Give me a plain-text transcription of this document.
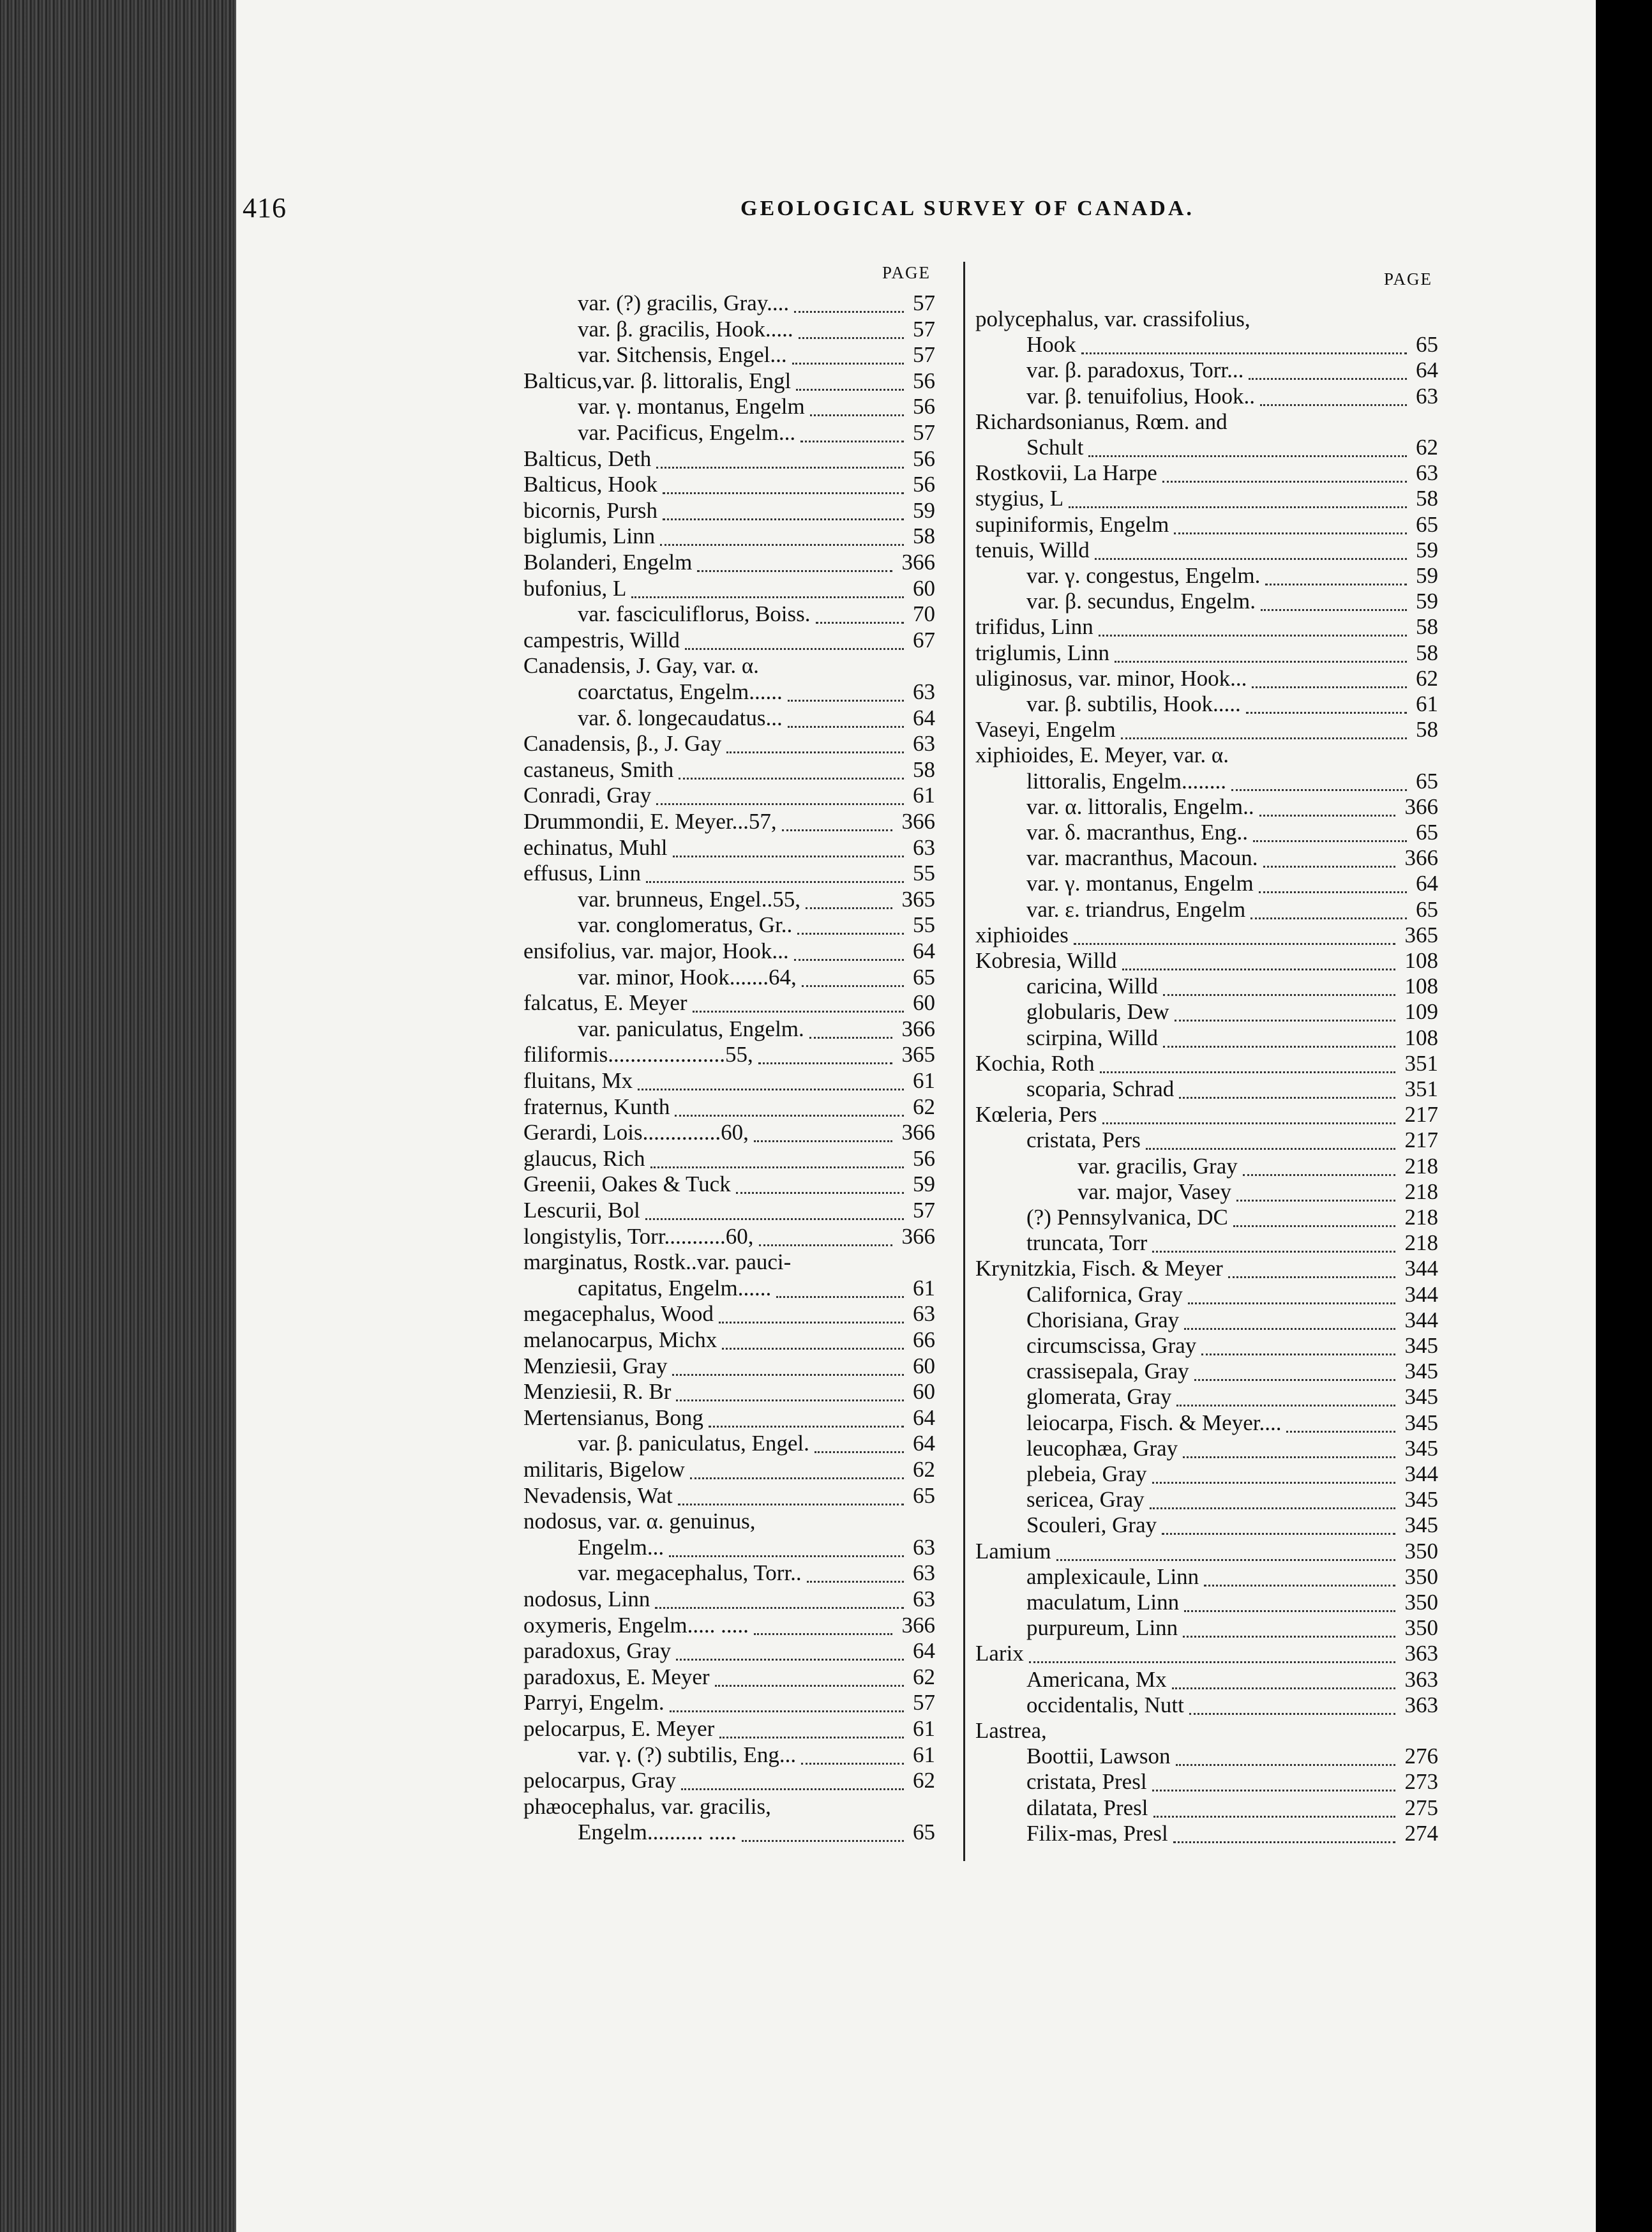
416	GEOLOGICAL SURVEY OF CANADA.
PAGE	PAGE
var. (?) gracilis, Gray....	57
var. β. gracilis, Hook.....	57
var. Sitchensis, Engel...	57
Balticus,var. β. littoralis, Engl	56
var. γ. montanus, Engelm	56
var. Pacificus, Engelm...	57
Balticus, Deth	56
Balticus, Hook	56
bicornis, Pursh	59
biglumis, Linn	58
Bolanderi, Engelm	366
bufonius, L	60
var. fasciculiflorus, Boiss.	70
campestris, Willd	67
Canadensis, J. Gay, var. α.
coarctatus, Engelm......	63
var. δ. longecaudatus...	64
Canadensis, β., J. Gay	63
castaneus, Smith	58
Conradi, Gray	61
Drummondii, E. Meyer...57,	366
echinatus, Muhl	63
effusus, Linn	55
var. brunneus, Engel..55,	365
var. conglomeratus, Gr..	55
ensifolius, var. major, Hook...	64
var. minor, Hook.......64,	65
falcatus, E. Meyer	60
var. paniculatus, Engelm.	366
filiformis.....................55,	365
fluitans, Mx	61
fraternus, Kunth	62
Gerardi, Lois..............60,	366
glaucus, Rich	56
Greenii, Oakes & Tuck	59
Lescurii, Bol	57
longistylis, Torr...........60,	366
marginatus, Rostk..var. pauci-
capitatus, Engelm......	61
megacephalus, Wood	63
melanocarpus, Michx	66
Menziesii, Gray	60
Menziesii, R. Br	60
Mertensianus, Bong	64
var. β. paniculatus, Engel.	64
militaris, Bigelow	62
Nevadensis, Wat	65
nodosus, var. α. genuinus,
Engelm...	63
var. megacephalus, Torr..	63
nodosus, Linn	63
oxymeris, Engelm..... .....	366
paradoxus, Gray	64
paradoxus, E. Meyer	62
Parryi, Engelm.	57
pelocarpus, E. Meyer	61
var. γ. (?) subtilis, Eng...	61
pelocarpus, Gray	62
phæocephalus, var. gracilis,
Engelm.......... .....	65
polycephalus, var. crassifolius,
Hook	65
var. β. paradoxus, Torr...	64
var. β. tenuifolius, Hook..	63
Richardsonianus, Rœm. and
Schult	62
Rostkovii, La Harpe	63
stygius, L	58
supiniformis, Engelm	65
tenuis, Willd	59
var. γ. congestus, Engelm.	59
var. β. secundus, Engelm.	59
trifidus, Linn	58
triglumis, Linn	58
uliginosus, var. minor, Hook...	62
var. β. subtilis, Hook.....	61
Vaseyi, Engelm	58
xiphioides, E. Meyer, var. α.
littoralis, Engelm........	65
var. α. littoralis, Engelm..	366
var. δ. macranthus, Eng..	65
var. macranthus, Macoun.	366
var. γ. montanus, Engelm	64
var. ε. triandrus, Engelm	65
xiphioides	365
Kobresia, Willd	108
caricina, Willd	108
globularis, Dew	109
scirpina, Willd	108
Kochia, Roth	351
scoparia, Schrad	351
Kœleria, Pers	217
cristata, Pers	217
var. gracilis, Gray	218
var. major, Vasey	218
(?) Pennsylvanica, DC	218
truncata, Torr	218
Krynitzkia, Fisch. & Meyer	344
Californica, Gray	344
Chorisiana, Gray	344
circumscissa, Gray	345
crassisepala, Gray	345
glomerata, Gray	345
leiocarpa, Fisch. & Meyer....	345
leucophæa, Gray	345
plebeia, Gray	344
sericea, Gray	345
Scouleri, Gray	345
Lamium	350
amplexicaule, Linn	350
maculatum, Linn	350
purpureum, Linn	350
Larix	363
Americana, Mx	363
occidentalis, Nutt	363
Lastrea,
Boottii, Lawson	276
cristata, Presl	273
dilatata, Presl	275
Filix-mas, Presl	274
